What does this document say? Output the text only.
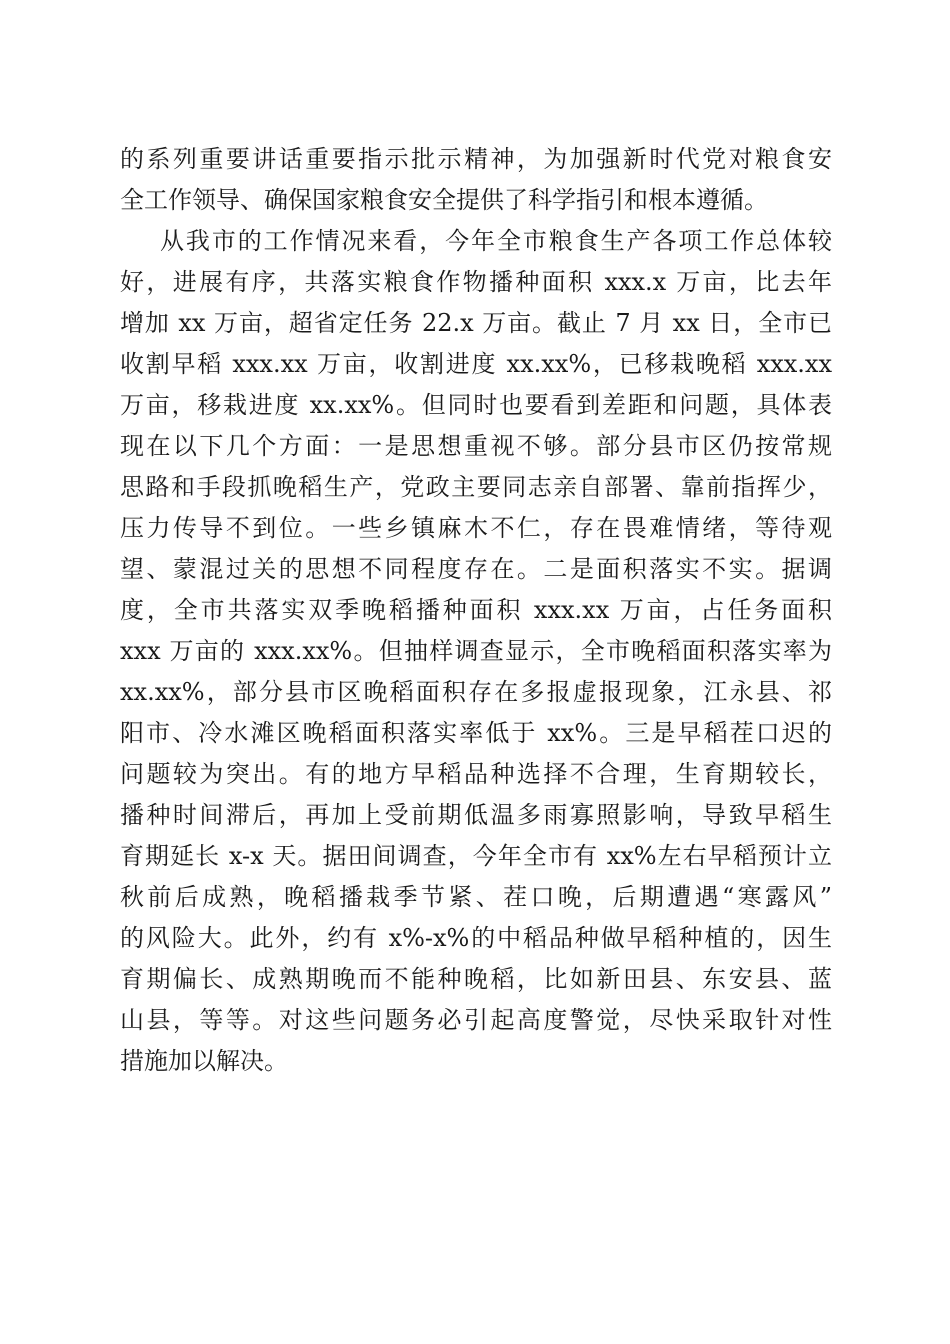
的系列重要讲话重要指示批示精神，为加强新时代党对粮食安
全工作领导、确保国家粮食安全提供了科学指引和根本遵循。
从我市的工作情况来看，今年全市粮食生产各项工作总体较
好，进展有序，共落实粮食作物播种面积 xxx.x 万亩，比去年
增加 xx 万亩，超省定任务 22.x 万亩。截止 7 月 xx 日，全市已
收割早稻 xxx.xx 万亩，收割进度 xx.xx%，已移栽晚稻 xxx.xx
万亩，移栽进度 xx.xx%。但同时也要看到差距和问题，具体表
现在以下几个方面：一是思想重视不够。部分县市区仍按常规
思路和手段抓晚稻生产，党政主要同志亲自部署、靠前指挥少，
压力传导不到位。一些乡镇麻木不仁，存在畏难情绪，等待观
望、蒙混过关的思想不同程度存在。二是面积落实不实。据调
度，全市共落实双季晚稻播种面积 xxx.xx 万亩，占任务面积
xxx 万亩的 xxx.xx%。但抽样调查显示，全市晚稻面积落实率为
xx.xx%，部分县市区晚稻面积存在多报虚报现象，江永县、祁
阳市、冷水滩区晚稻面积落实率低于 xx%。三是早稻茬口迟的
问题较为突出。有的地方早稻品种选择不合理，生育期较长，
播种时间滞后，再加上受前期低温多雨寡照影响，导致早稻生
育期延长 x-x 天。据田间调查，今年全市有 xx%左右早稻预计立
秋前后成熟，晚稻播栽季节紧、茬口晚，后期遭遇“寒露风”
的风险大。此外，约有 x%-x%的中稻品种做早稻种植的，因生
育期偏长、成熟期晚而不能种晚稻，比如新田县、东安县、蓝
山县，等等。对这些问题务必引起高度警觉，尽快采取针对性
措施加以解决。
